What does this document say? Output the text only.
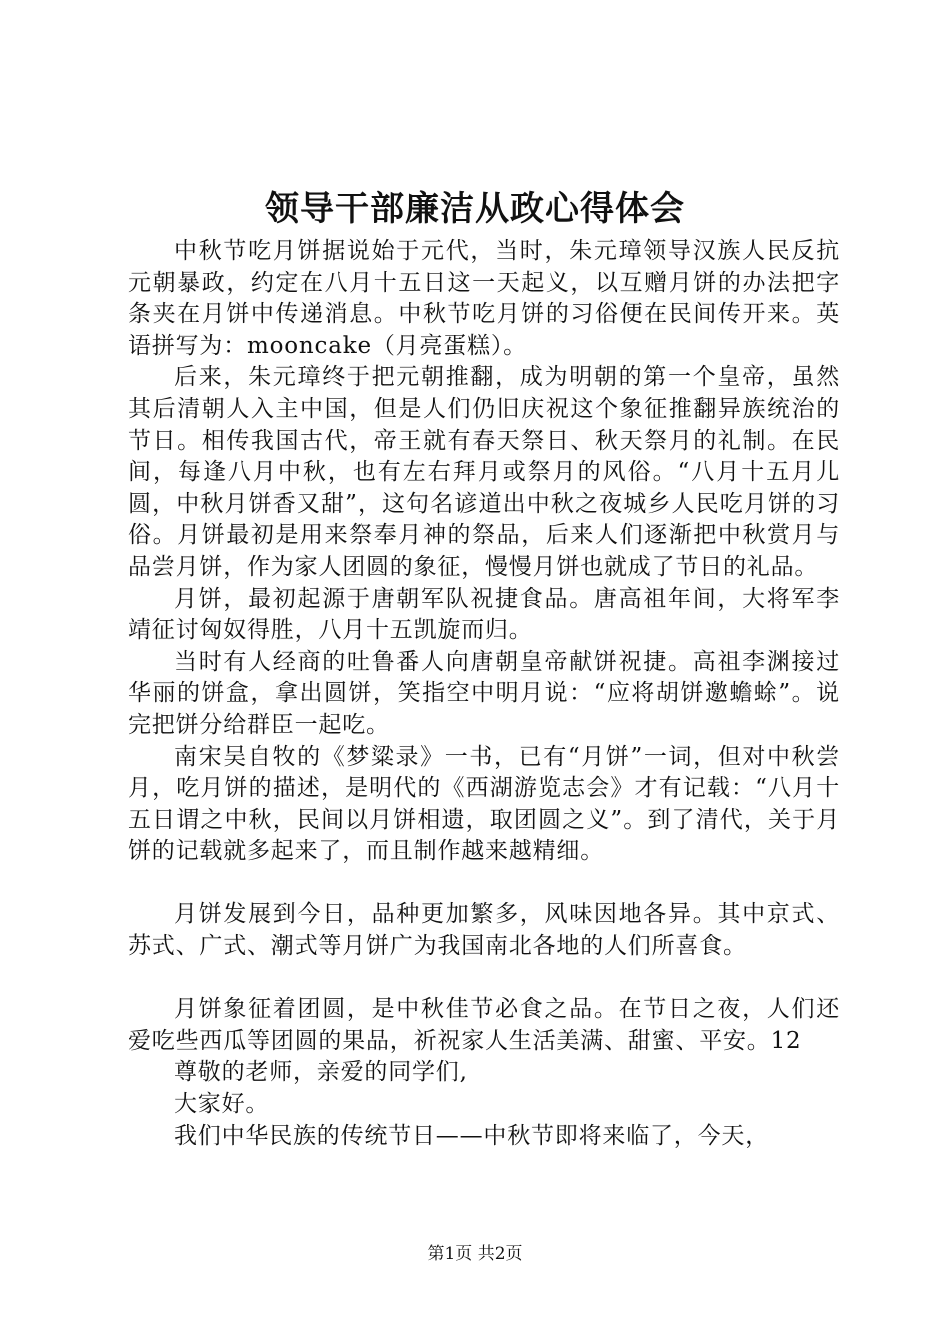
领导干部廉洁从政心得体会

中秋节吃月饼据说始于元代，当时，朱元璋领导汉族人民反抗元朝暴政，约定在八月十五日这一天起义，以互赠月饼的办法把字条夹在月饼中传递消息。中秋节吃月饼的习俗便在民间传开来。英语拼写为：mooncake（月亮蛋糕）。

后来，朱元璋终于把元朝推翻，成为明朝的第一个皇帝，虽然其后清朝人入主中国，但是人们仍旧庆祝这个象征推翻异族统治的节日。相传我国古代，帝王就有春天祭日、秋天祭月的礼制。在民间，每逢八月中秋，也有左右拜月或祭月的风俗。“八月十五月儿圆，中秋月饼香又甜”，这句名谚道出中秋之夜城乡人民吃月饼的习俗。月饼最初是用来祭奉月神的祭品，后来人们逐渐把中秋赏月与品尝月饼，作为家人团圆的象征，慢慢月饼也就成了节日的礼品。

月饼，最初起源于唐朝军队祝捷食品。唐高祖年间，大将军李靖征讨匈奴得胜，八月十五凯旋而归。

当时有人经商的吐鲁番人向唐朝皇帝献饼祝捷。高祖李渊接过华丽的饼盒，拿出圆饼，笑指空中明月说：“应将胡饼邀蟾蜍”。说完把饼分给群臣一起吃。

南宋吴自牧的《梦粱录》一书，已有“月饼”一词，但对中秋尝月，吃月饼的描述，是明代的《西湖游览志会》才有记载：“八月十五日谓之中秋，民间以月饼相遗，取团圆之义”。到了清代，关于月饼的记载就多起来了，而且制作越来越精细。

月饼发展到今日，品种更加繁多，风味因地各异。其中京式、苏式、广式、潮式等月饼广为我国南北各地的人们所喜食。

月饼象征着团圆，是中秋佳节必食之品。在节日之夜，人们还爱吃些西瓜等团圆的果品，祈祝家人生活美满、甜蜜、平安。12

尊敬的老师，亲爱的同学们,

大家好。

我们中华民族的传统节日——中秋节即将来临了，今天，

第1页 共2页
